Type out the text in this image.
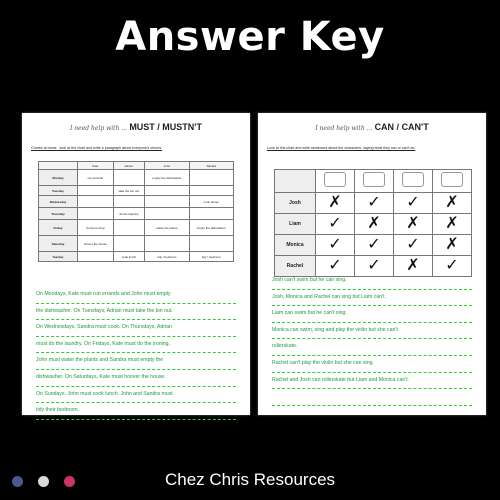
Answer Key
I need help with ... MUST / MUSTN'T
Chores at home : look at the chart and write a paragraph about everyone's chores.
	Kate	Adrien	John	Sandra
Monday	run errands		empty the dishwasher	
Tuesday		take the bin out		
Wednesday				cook dinner
Thursday		do the laundry		
Friday	do the ironing		water the plants	empty the dishwasher
Saturday	hoover the house			
Sunday		cook lunch	tidy / bedroom	tidy / bedroom
On Mondays, Kate must run errands and John must empty
the dishwasher. On Tuesdays, Adrian must take the bin out.
On Wednesdays, Sandra must cook. On Thursdays, Adrian
must do the laundry. On Fridays, Kate must do the ironing,
John must water the plants and Sandra must empty the
dishwasher. On Saturdays, Kate must hoover the house.
On Sundays, John must cook lunch. John and Sandra must
tidy their bedroom.
I need help with ... CAN / CAN'T
Look at this chart and write sentences about the characters, saying what they can or can't do.

Josh	✗	✓	✓	✗
Liam	✓	✗	✗	✗
Monica	✓	✓	✓	✗
Rachel	✓	✓	✗	✓
Josh can't swim but he can sing.
Josh, Monica and Rachel can sing but Liam can't.
Liam can swim but he can't sing.
Monica can swim, sing and play the violin but she can't
rollerskate.
Rachel can't play the violin but she can sing.
Rachel and Josh can rollerskate but Liam and Monica can't.
Chez Chris Resources
